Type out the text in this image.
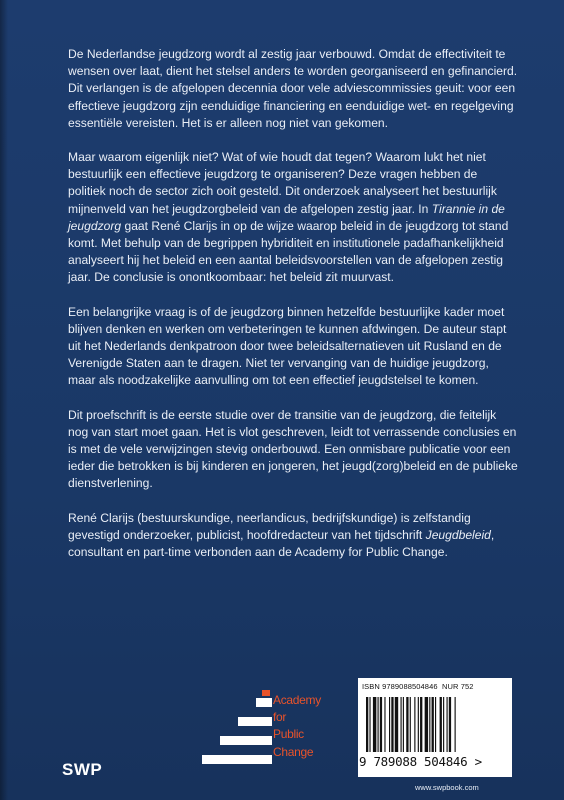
De Nederlandse jeugdzorg wordt al zestig jaar verbouwd. Omdat de effectiviteit te wensen over laat, dient het stelsel anders te worden georganiseerd en gefinancierd. Dit verlangen is de afgelopen decennia door vele adviescommissies geuit: voor een effectieve jeugdzorg zijn eenduidige financiering en eenduidige wet- en regelgeving essentiële vereisten. Het is er alleen nog niet van gekomen.

Maar waarom eigenlijk niet? Wat of wie houdt dat tegen? Waarom lukt het niet bestuurlijk een effectieve jeugdzorg te organiseren? Deze vragen hebben de politiek noch de sector zich ooit gesteld. Dit onderzoek analyseert het bestuurlijk mijnenveld van het jeugdzorgbeleid van de afgelopen zestig jaar. In Tirannie in de jeugdzorg gaat René Clarijs in op de wijze waarop beleid in de jeugdzorg tot stand komt. Met behulp van de begrippen hybriditeit en institutionele padafhankelijkheid analyseert hij het beleid en een aantal beleidsvoorstellen van de afgelopen zestig jaar. De conclusie is onontkoombaar: het beleid zit muurvast.

Een belangrijke vraag is of de jeugdzorg binnen hetzelfde bestuurlijke kader moet blijven denken en werken om verbeteringen te kunnen afdwingen. De auteur stapt uit het Nederlands denkpatroon door twee beleidsalternatieven uit Rusland en de Verenigde Staten aan te dragen. Niet ter vervanging van de huidige jeugdzorg, maar als noodzakelijke aanvulling om tot een effectief jeugdstelsel te komen.

Dit proefschrift is de eerste studie over de transitie van de jeugdzorg, die feitelijk nog van start moet gaan. Het is vlot geschreven, leidt tot verrassende conclusies en is met de vele verwijzingen stevig onderbouwd. Een onmisbare publicatie voor een ieder die betrokken is bij kinderen en jongeren, het jeugd(zorg)beleid en de publieke dienstverlening.

René Clarijs (bestuurskundige, neerlandicus, bedrijfskundige) is zelfstandig gevestigd onderzoeker, publicist, hoofdredacteur van het tijdschrift Jeugdbeleid, consultant en part-time verbonden aan de Academy for Public Change.

Academy
for
Public
Change
SWP
ISBN 9789088504846 NUR 752
9 789088 504846 >
www.swpbook.com
